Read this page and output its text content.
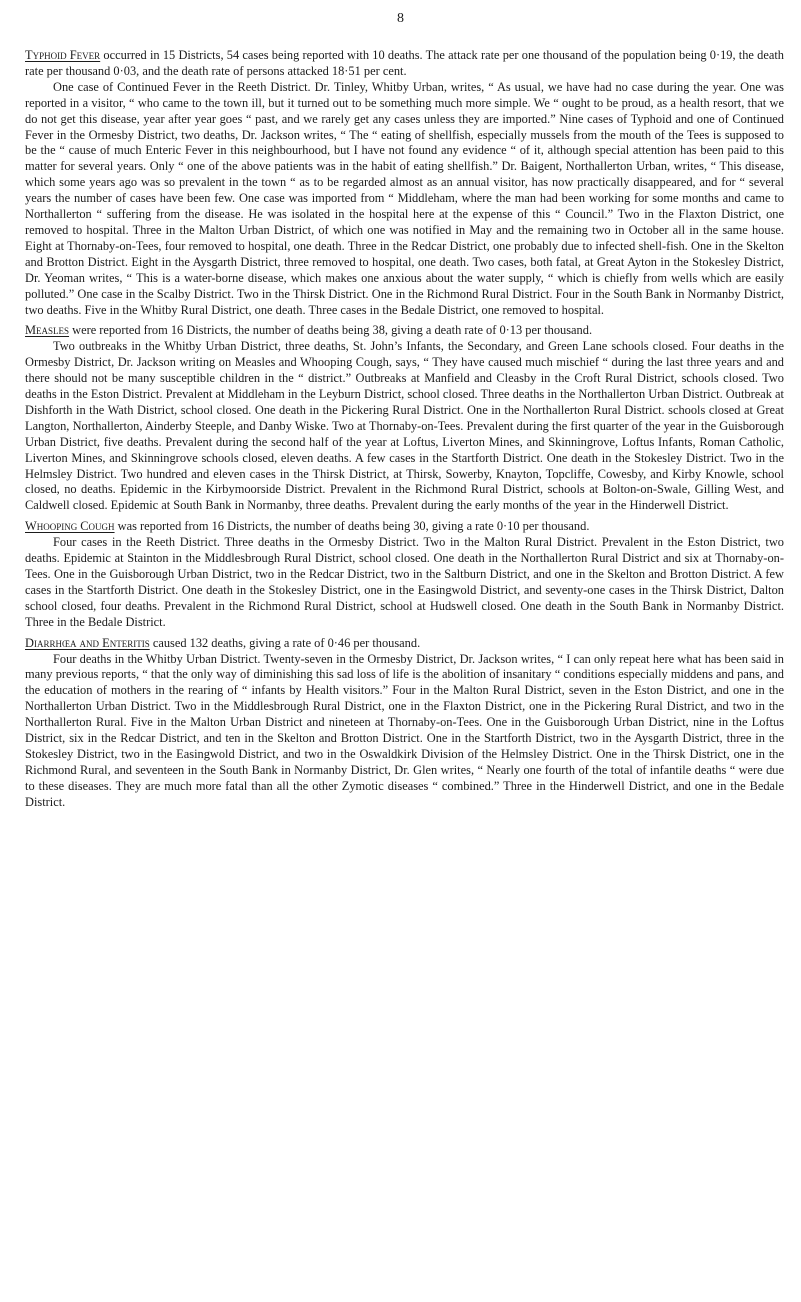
8

Typhoid Fever occurred in 15 Districts, 54 cases being reported with 10 deaths. The attack rate per one thousand of the population being 0·19, the death rate per thousand 0·03, and the death rate of persons attacked 18·51 per cent.

One case of Continued Fever in the Reeth District. Dr. Tinley, Whitby Urban, writes, “ As usual, we have had no case during the year. One was reported in a visitor, “ who came to the town ill, but it turned out to be something much more simple. We “ ought to be proud, as a health resort, that we do not get this disease, year after year goes “ past, and we rarely get any cases unless they are imported.” Nine cases of Typhoid and one of Continued Fever in the Ormesby District, two deaths, Dr. Jackson writes, “ The “ eating of shellfish, especially mussels from the mouth of the Tees is supposed to be the “ cause of much Enteric Fever in this neighbourhood, but I have not found any evidence “ of it, although special attention has been paid to this matter for several years. Only “ one of the above patients was in the habit of eating shellfish.” Dr. Baigent, Northallerton Urban, writes, “ This disease, which some years ago was so prevalent in the town “ as to be regarded almost as an annual visitor, has now practically disappeared, and for “ several years the number of cases have been few. One case was imported from “ Middleham, where the man had been working for some months and came to Northallerton “ suffering from the disease. He was isolated in the hospital here at the expense of this “ Council.” Two in the Flaxton District, one removed to hospital. Three in the Malton Urban District, of which one was notified in May and the remaining two in October all in the same house. Eight at Thornaby-on-Tees, four removed to hospital, one death. Three in the Redcar District, one probably due to infected shell-fish. One in the Skelton and Brotton District. Eight in the Aysgarth District, three removed to hospital, one death. Two cases, both fatal, at Great Ayton in the Stokesley District, Dr. Yeoman writes, “ This is a water-borne disease, which makes one anxious about the water supply, “ which is chiefly from wells which are easily polluted.” One case in the Scalby District. Two in the Thirsk District. One in the Richmond Rural District. Four in the South Bank in Normanby District, two deaths. Five in the Whitby Rural District, one death. Three cases in the Bedale District, one removed to hospital.

Measles were reported from 16 Districts, the number of deaths being 38, giving a death rate of 0·13 per thousand.

Two outbreaks in the Whitby Urban District, three deaths, St. John’s Infants, the Secondary, and Green Lane schools closed. Four deaths in the Ormesby District, Dr. Jackson writing on Measles and Whooping Cough, says, “ They have caused much mischief “ during the last three years and and there should not be many susceptible children in the “ district.” Outbreaks at Manfield and Cleasby in the Croft Rural District, schools closed. Two deaths in the Eston District. Prevalent at Middleham in the Leyburn District, school closed. Three deaths in the Northallerton Urban District. Outbreak at Dishforth in the Wath District, school closed. One death in the Pickering Rural District. One in the Northallerton Rural District. schools closed at Great Langton, Northallerton, Ainderby Steeple, and Danby Wiske. Two at Thornaby-on-Tees. Prevalent during the first quarter of the year in the Guisborough Urban District, five deaths. Prevalent during the second half of the year at Loftus, Liverton Mines, and Skinningrove, Loftus Infants, Roman Catholic, Liverton Mines, and Skinningrove schools closed, eleven deaths. A few cases in the Startforth District. One death in the Stokesley District. Two in the Helmsley District. Two hundred and eleven cases in the Thirsk District, at Thirsk, Sowerby, Knayton, Topcliffe, Cowesby, and Kirby Knowle, school closed, no deaths. Epidemic in the Kirbymoorside District. Prevalent in the Richmond Rural District, schools at Bolton-on-Swale, Gilling West, and Caldwell closed. Epidemic at South Bank in Normanby, three deaths. Prevalent during the early months of the year in the Hinderwell District.

Whooping Cough was reported from 16 Districts, the number of deaths being 30, giving a rate 0·10 per thousand.

Four cases in the Reeth District. Three deaths in the Ormesby District. Two in the Malton Rural District. Prevalent in the Eston District, two deaths. Epidemic at Stainton in the Middlesbrough Rural District, school closed. One death in the Northallerton Rural District and six at Thornaby-on-Tees. One in the Guisborough Urban District, two in the Redcar District, two in the Saltburn District, and one in the Skelton and Brotton District. A few cases in the Startforth District. One death in the Stokesley District, one in the Easingwold District, and seventy-one cases in the Thirsk District, Dalton school closed, four deaths. Prevalent in the Richmond Rural District, school at Hudswell closed. One death in the South Bank in Normanby District. Three in the Bedale District.

Diarrhœa and Enteritis caused 132 deaths, giving a rate of 0·46 per thousand.

Four deaths in the Whitby Urban District. Twenty-seven in the Ormesby District, Dr. Jackson writes, “ I can only repeat here what has been said in many previous reports, “ that the only way of diminishing this sad loss of life is the abolition of insanitary “ conditions especially middens and pans, and the education of mothers in the rearing of “ infants by Health visitors.” Four in the Malton Rural District, seven in the Eston District, and one in the Northallerton Urban District. Two in the Middlesbrough Rural District, one in the Flaxton District, one in the Pickering Rural District, and two in the Northallerton Rural. Five in the Malton Urban District and nineteen at Thornaby-on-Tees. One in the Guisborough Urban District, nine in the Loftus District, six in the Redcar District, and ten in the Skelton and Brotton District. One in the Startforth District, two in the Aysgarth District, three in the Stokesley District, two in the Easingwold District, and two in the Oswaldkirk Division of the Helmsley District. One in the Thirsk District, one in the Richmond Rural, and seventeen in the South Bank in Normanby District, Dr. Glen writes, “ Nearly one fourth of the total of infantile deaths “ were due to these diseases. They are much more fatal than all the other Zymotic diseases “ combined.” Three in the Hinderwell District, and one in the Bedale District.
